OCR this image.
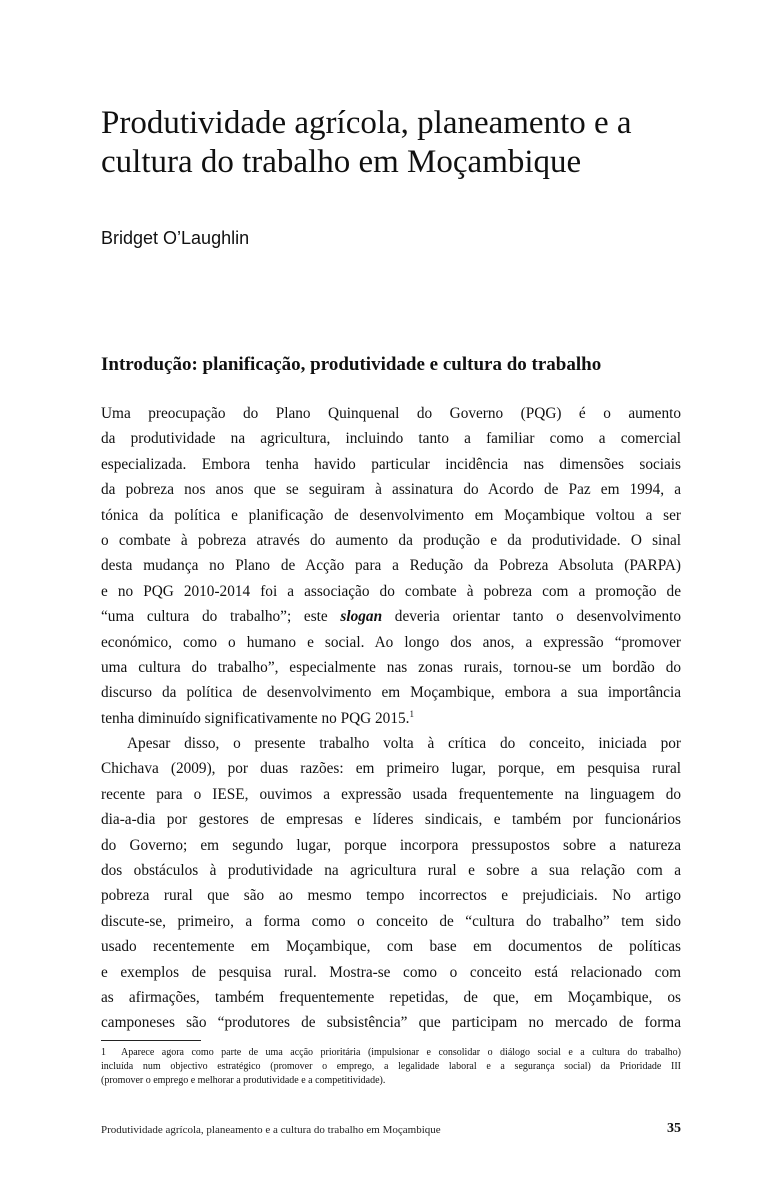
Produtividade agrícola, planeamento e a
cultura do trabalho em Moçambique

Bridget O’Laughlin

Introdução: planificação, produtividade e cultura do trabalho
Uma preocupação do Plano Quinquenal do Governo (PQG) é o aumento
da produtividade na agricultura, incluindo tanto a familiar como a comercial
especializada. Embora tenha havido particular incidência nas dimensões sociais
da pobreza nos anos que se seguiram à assinatura do Acordo de Paz em 1994, a
tónica da política e planificação de desenvolvimento em Moçambique voltou a ser
o combate à pobreza através do aumento da produção e da produtividade. O sinal
desta mudança no Plano de Acção para a Redução da Pobreza Absoluta (PARPA)
e no PQG 2010-2014 foi a associação do combate à pobreza com a promoção de
“uma cultura do trabalho”; este slogan deveria orientar tanto o desenvolvimento
económico, como o humano e social. Ao longo dos anos, a expressão “promover
uma cultura do trabalho”, especialmente nas zonas rurais, tornou-se um bordão do
discurso da política de desenvolvimento em Moçambique, embora a sua importância
tenha diminuído significativamente no PQG 2015.$^1$
Apesar disso, o presente trabalho volta à crítica do conceito, iniciada por
Chichava (2009), por duas razões: em primeiro lugar, porque, em pesquisa rural
recente para o IESE, ouvimos a expressão usada frequentemente na linguagem do
dia-a-dia por gestores de empresas e líderes sindicais, e também por funcionários
do Governo; em segundo lugar, porque incorpora pressupostos sobre a natureza
dos obstáculos à produtividade na agricultura rural e sobre a sua relação com a
pobreza rural que são ao mesmo tempo incorrectos e prejudiciais. No artigo
discute-se, primeiro, a forma como o conceito de “cultura do trabalho” tem sido
usado recentemente em Moçambique, com base em documentos de políticas
e exemplos de pesquisa rural. Mostra-se como o conceito está relacionado com
as afirmações, também frequentemente repetidas, de que, em Moçambique, os
camponeses são “produtores de subsistência” que participam no mercado de forma
1 Aparece agora como parte de uma acção prioritária (impulsionar e consolidar o diálogo social e a cultura do trabalho)
incluída num objectivo estratégico (promover o emprego, a legalidade laboral e a segurança social) da Prioridade III
(promover o emprego e melhorar a produtividade e a competitividade).
Produtividade agrícola, planeamento e a cultura do trabalho em Moçambique	35
